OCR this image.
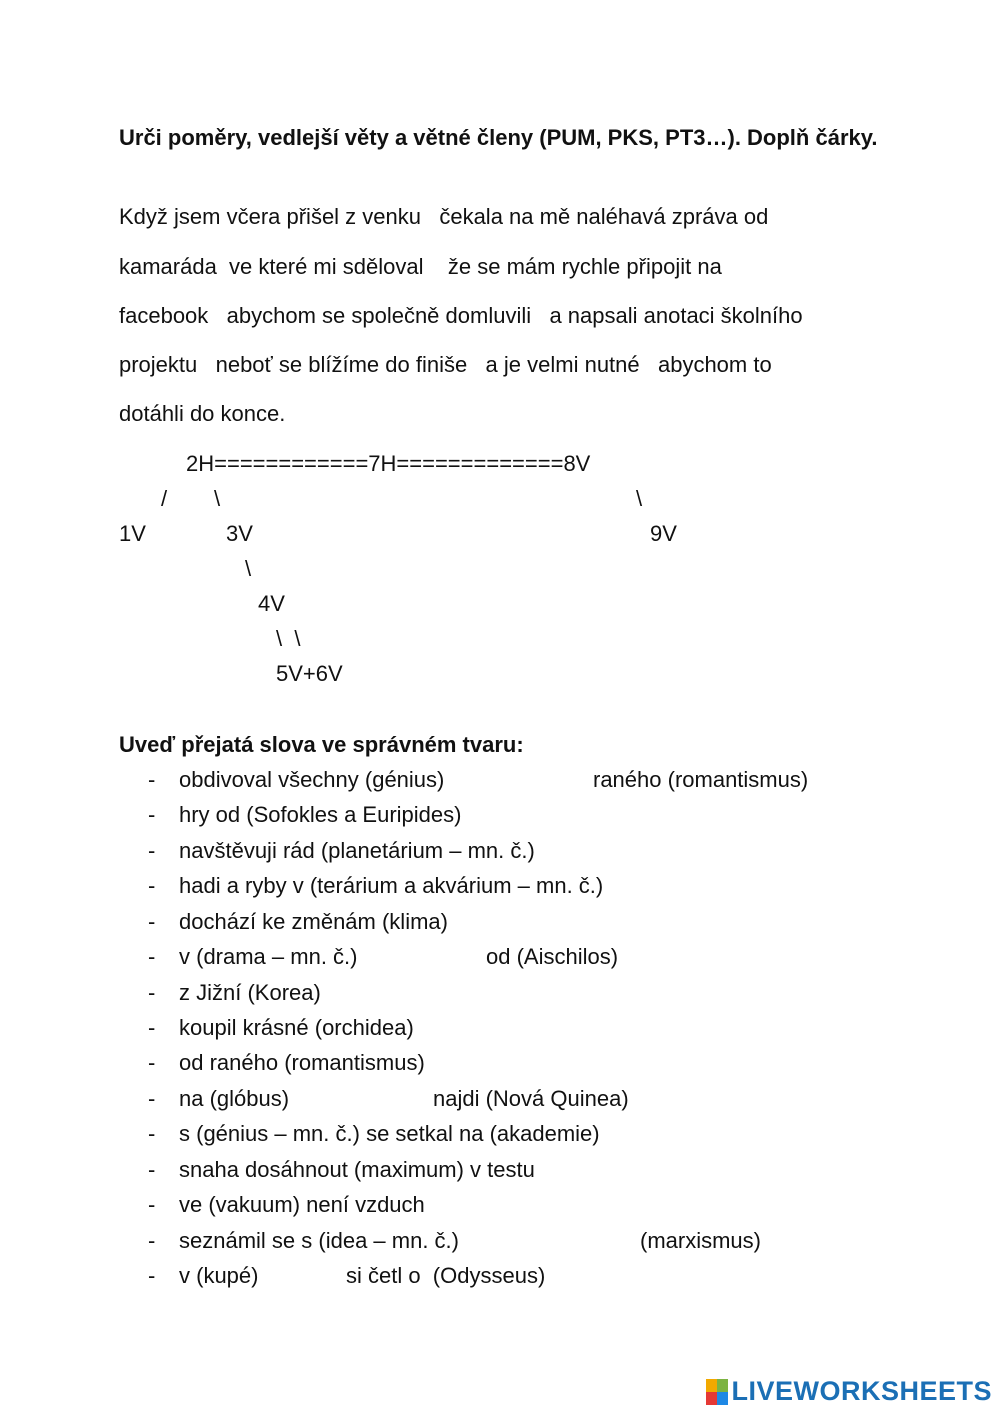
Urči poměry, vedlejší věty a větné členy (PUM, PKS, PT3…). Doplň čárky.
Když jsem včera přišel z venku   čekala na mě naléhavá zpráva od
kamaráda  ve které mi sděloval    že se mám rychle připojit na
facebook   abychom se společně domluvili   a napsali anotaci školního
projektu   neboť se blížíme do finiše   a je velmi nutné   abychom to
dotáhli do konce.
2H============7H=============8V
/ \	\
1V	3V	9V
\
4V
\  \
5V+6V
Uveď přejatá slova ve správném tvaru:
- obdivoval všechny (génius)	raného (romantismus)
- hry od (Sofokles a Euripides)
- navštěvuji rád (planetárium – mn. č.)
- hadi a ryby v (terárium a akvárium – mn. č.)
- dochází ke změnám (klima)
- v (drama – mn. č.)	od (Aischilos)
- z Jižní (Korea)
- koupil krásné (orchidea)
- od raného (romantismus)
- na (glóbus)	najdi (Nová Quinea)
- s (génius – mn. č.) se setkal na (akademie)
- snaha dosáhnout (maximum) v testu
- ve (vakuum) není vzduch
- seznámil se s (idea – mn. č.)	(marxismus)
- v (kupé)	si četl o  (Odysseus)
LIVEWORKSHEETS
